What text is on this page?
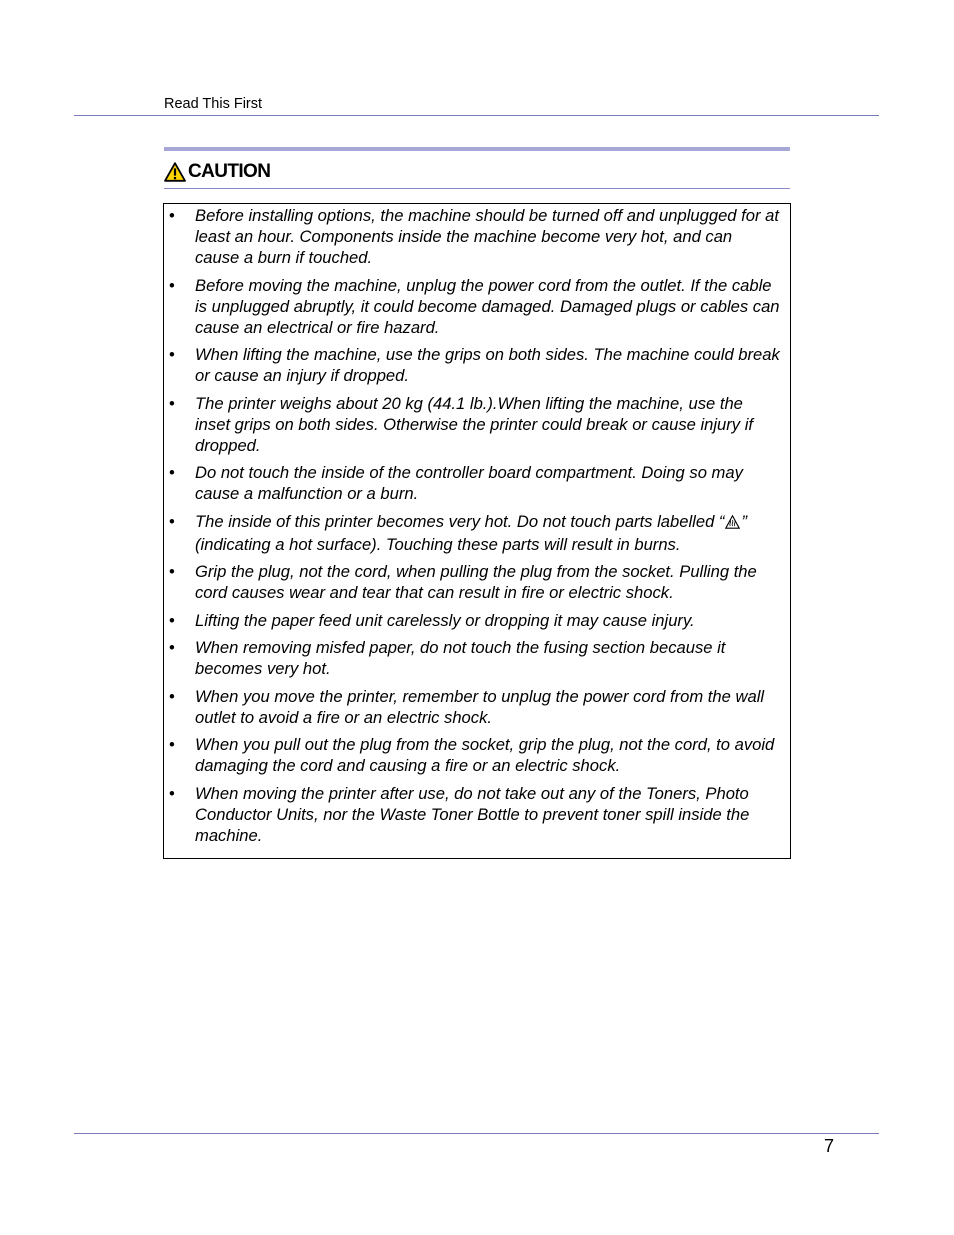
Read This First
CAUTION
• Before installing options, the machine should be turned off and unplugged for at least an hour. Components inside the machine become very hot, and can cause a burn if touched.
• Before moving the machine, unplug the power cord from the outlet. If the cable is unplugged abruptly, it could become damaged. Damaged plugs or cables can cause an electrical or fire hazard.
• When lifting the machine, use the grips on both sides. The machine could break or cause an injury if dropped.
• The printer weighs about 20 kg (44.1 lb.).When lifting the machine, use the inset grips on both sides. Otherwise the printer could break or cause injury if dropped.
• Do not touch the inside of the controller board compartment. Doing so may cause a malfunction or a burn.
• The inside of this printer becomes very hot. Do not touch parts labelled “ ” (indicating a hot surface). Touching these parts will result in burns.
• Grip the plug, not the cord, when pulling the plug from the socket. Pulling the cord causes wear and tear that can result in fire or electric shock.
• Lifting the paper feed unit carelessly or dropping it may cause injury.
• When removing misfed paper, do not touch the fusing section because it becomes very hot.
• When you move the printer, remember to unplug the power cord from the wall outlet to avoid a fire or an electric shock.
• When you pull out the plug from the socket, grip the plug, not the cord, to avoid damaging the cord and causing a fire or an electric shock.
• When moving the printer after use, do not take out any of the Toners, Photo Conductor Units, nor the Waste Toner Bottle to prevent toner spill inside the machine.
7
